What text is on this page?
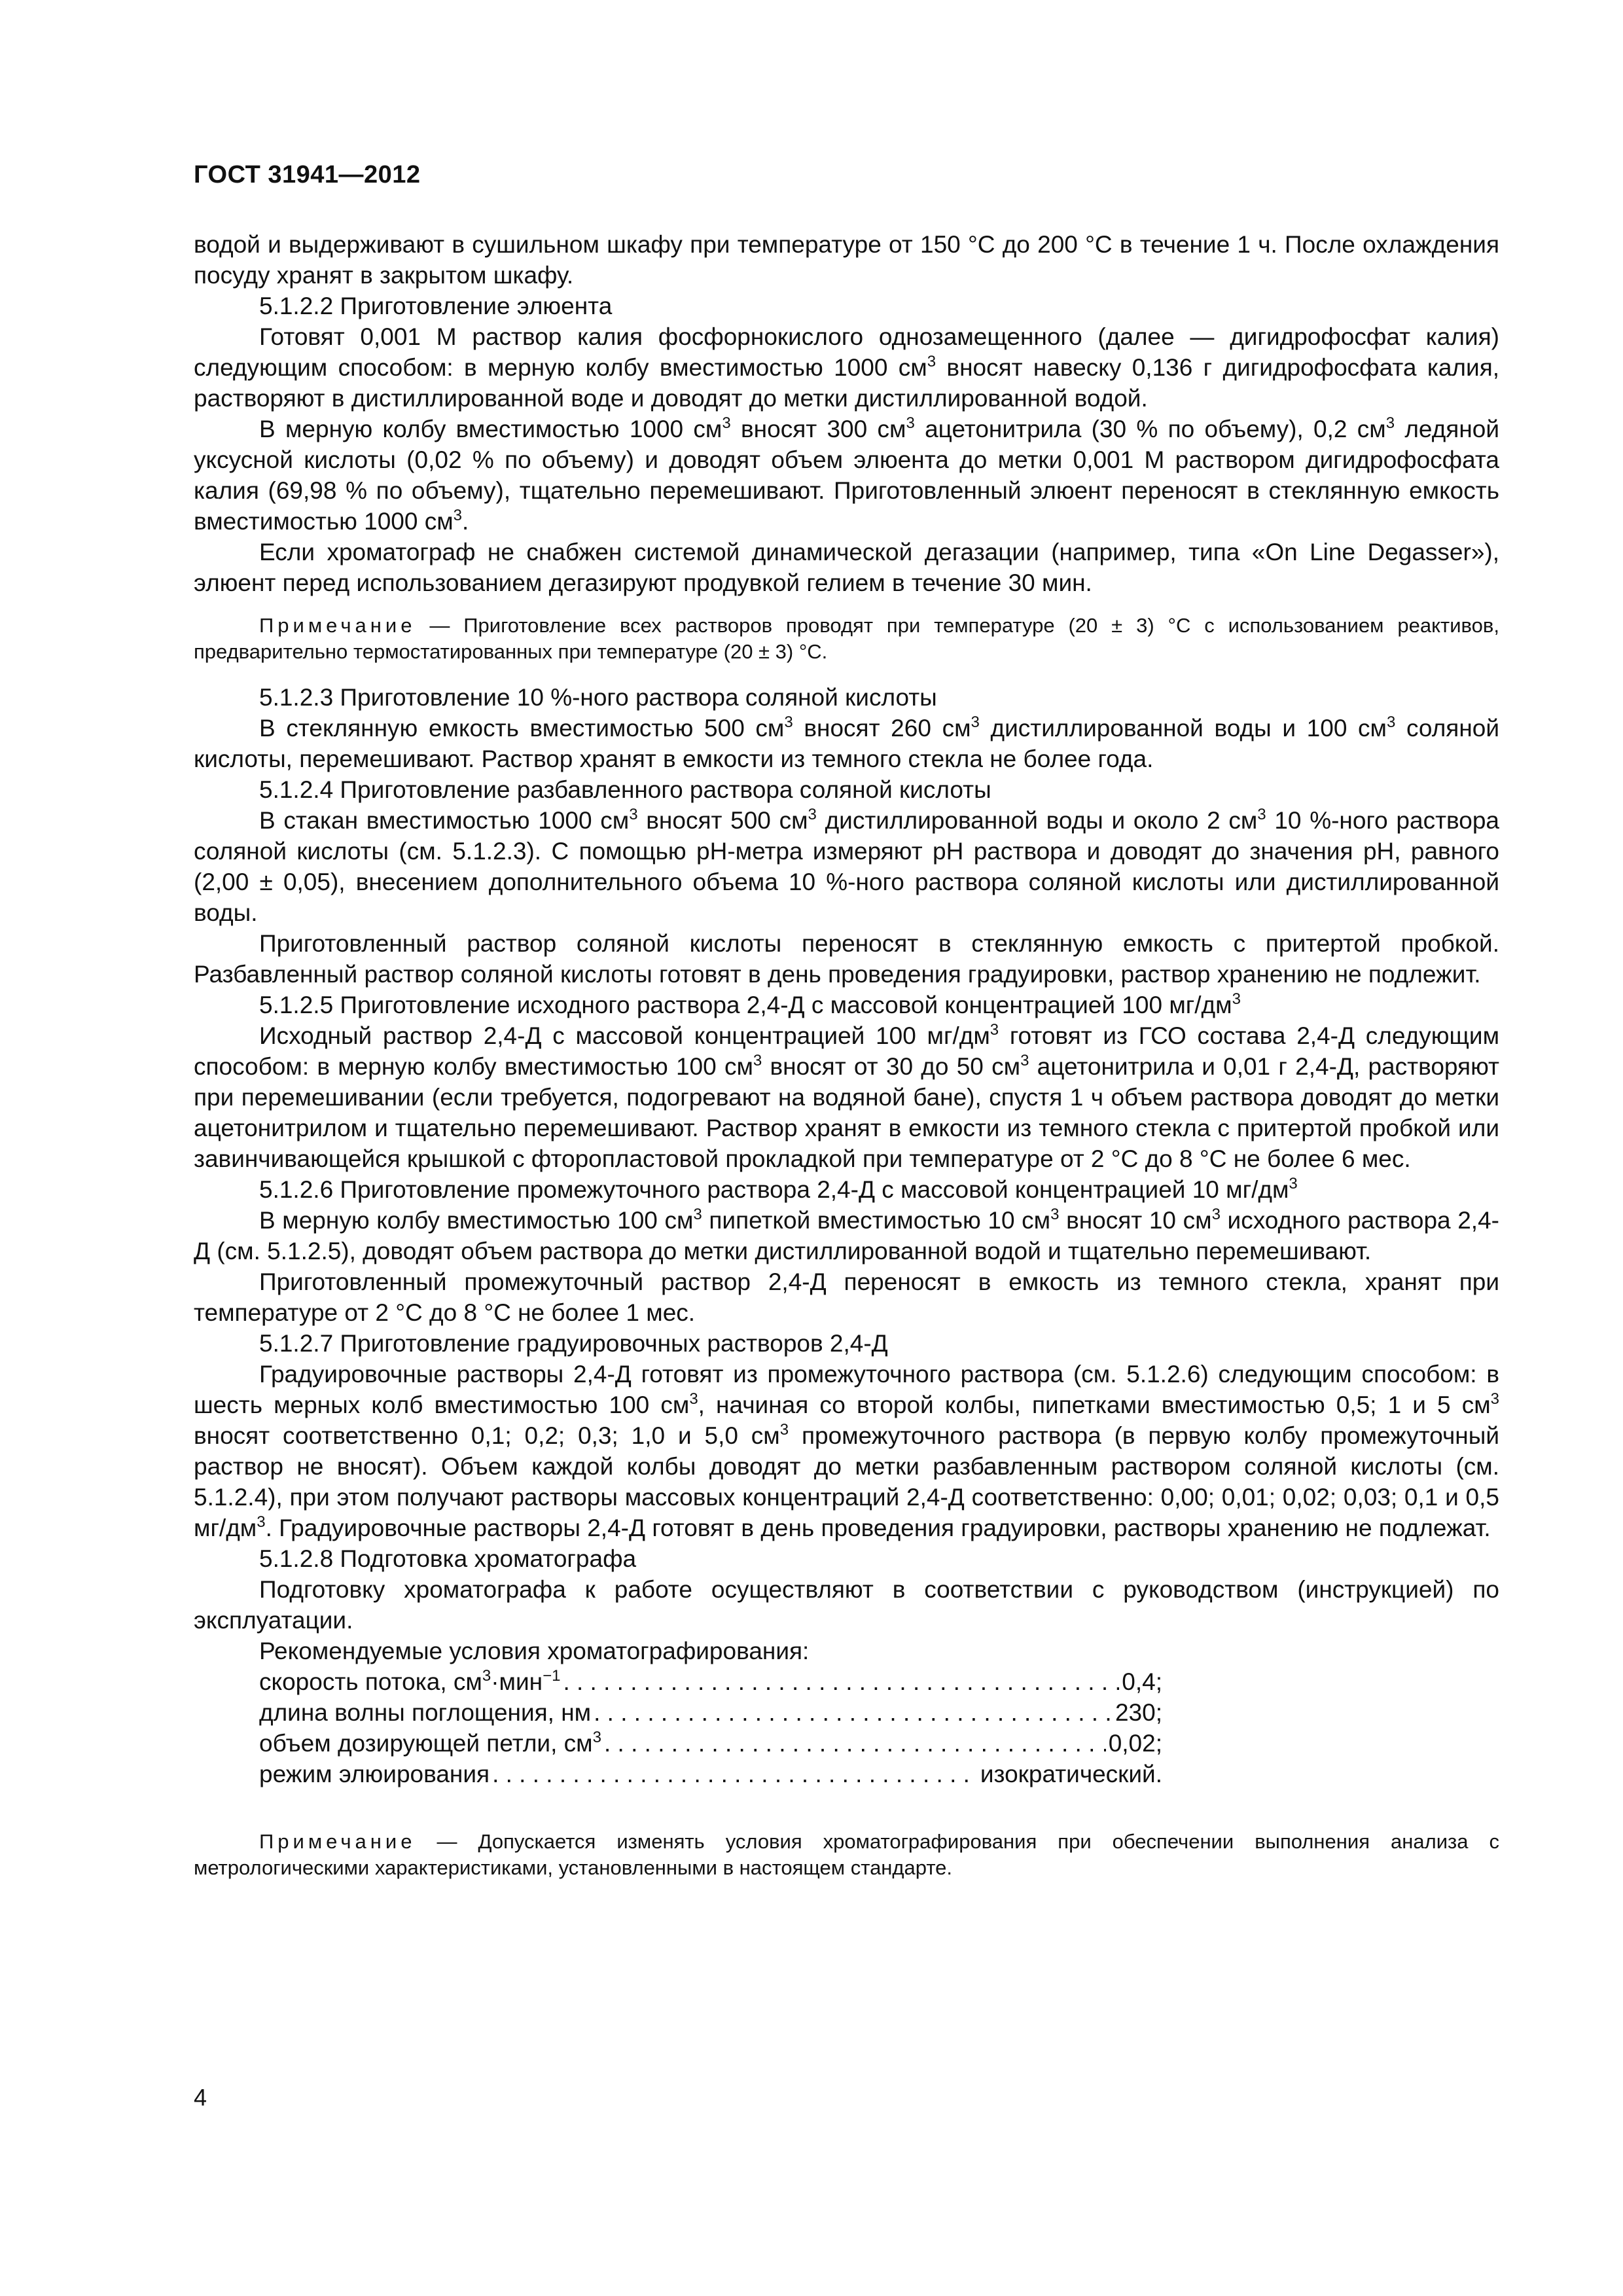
ГОСТ 31941—2012

водой и выдерживают в сушильном шкафу при температуре от 150 °С до 200 °С в течение 1 ч. После охлаждения посуду хранят в закрытом шкафу.

5.1.2.2 Приготовление элюента

Готовят 0,001 М раствор калия фосфорнокислого однозамещенного (далее — дигидрофосфат калия) следующим способом: в мерную колбу вместимостью 1000 $см^3$ вносят навеску 0,136 г дигидрофосфата калия, растворяют в дистиллированной воде и доводят до метки дистиллированной водой.

В мерную колбу вместимостью 1000 $см^3$ вносят 300 $см^3$ ацетонитрила (30 % по объему), 0,2 $см^3$ ледяной уксусной кислоты (0,02 % по объему) и доводят объем элюента до метки 0,001 М раствором дигидрофосфата калия (69,98 % по объему), тщательно перемешивают. Приготовленный элюент переносят в стеклянную емкость вместимостью 1000 $см^3$.

Если хроматограф не снабжен системой динамической дегазации (например, типа «On Line Degasser»), элюент перед использованием дегазируют продувкой гелием в течение 30 мин.

Примечание — Приготовление всех растворов проводят при температуре (20 ± 3) °С с использованием реактивов, предварительно термостатированных при температуре (20 ± 3) °С.

5.1.2.3 Приготовление 10 %-ного раствора соляной кислоты

В стеклянную емкость вместимостью 500 $см^3$ вносят 260 $см^3$ дистиллированной воды и 100 $см^3$ соляной кислоты, перемешивают. Раствор хранят в емкости из темного стекла не более года.

5.1.2.4 Приготовление разбавленного раствора соляной кислоты

В стакан вместимостью 1000 $см^3$ вносят 500 $см^3$ дистиллированной воды и около 2 $см^3$ 10 %-ного раствора соляной кислоты (см. 5.1.2.3). С помощью рН-метра измеряют рН раствора и доводят до значения рН, равного (2,00 ± 0,05), внесением дополнительного объема 10 %-ного раствора соляной кислоты или дистиллированной воды.

Приготовленный раствор соляной кислоты переносят в стеклянную емкость с притертой пробкой. Разбавленный раствор соляной кислоты готовят в день проведения градуировки, раствор хранению не подлежит.

5.1.2.5 Приготовление исходного раствора 2,4-Д с массовой концентрацией 100 $мг/дм^3$

Исходный раствор 2,4-Д с массовой концентрацией 100 $мг/дм^3$ готовят из ГСО состава 2,4-Д следующим способом: в мерную колбу вместимостью 100 $см^3$ вносят от 30 до 50 $см^3$ ацетонитрила и 0,01 г 2,4-Д, растворяют при перемешивании (если требуется, подогревают на водяной бане), спустя 1 ч объем раствора доводят до метки ацетонитрилом и тщательно перемешивают. Раствор хранят в емкости из темного стекла с притертой пробкой или завинчивающейся крышкой с фторопластовой прокладкой при температуре от 2 °С до 8 °С не более 6 мес.

5.1.2.6 Приготовление промежуточного раствора 2,4-Д с массовой концентрацией 10 $мг/дм^3$

В мерную колбу вместимостью 100 $см^3$ пипеткой вместимостью 10 $см^3$ вносят 10 $см^3$ исходного раствора 2,4-Д (см. 5.1.2.5), доводят объем раствора до метки дистиллированной водой и тщательно перемешивают.

Приготовленный промежуточный раствор 2,4-Д переносят в емкость из темного стекла, хранят при температуре от 2 °С до 8 °С не более 1 мес.

5.1.2.7 Приготовление градуировочных растворов 2,4-Д

Градуировочные растворы 2,4-Д готовят из промежуточного раствора (см. 5.1.2.6) следующим способом: в шесть мерных колб вместимостью 100 $см^3$, начиная со второй колбы, пипетками вместимостью 0,5; 1 и 5 $см^3$ вносят соответственно 0,1; 0,2; 0,3; 1,0 и 5,0 $см^3$ промежуточного раствора (в первую колбу промежуточный раствор не вносят). Объем каждой колбы доводят до метки разбавленным раствором соляной кислоты (см. 5.1.2.4), при этом получают растворы массовых концентраций 2,4-Д соответственно: 0,00; 0,01; 0,02; 0,03; 0,1 и 0,5 $мг/дм^3$. Градуировочные растворы 2,4-Д готовят в день проведения градуировки, растворы хранению не подлежат.

5.1.2.8 Подготовка хроматографа

Подготовку хроматографа к работе осуществляют в соответствии с руководством (инструкцией) по эксплуатации.

Рекомендуемые условия хроматографирования:
скорость потока, $см^3\cdot мин^{-1}$ . . .	0,4;
длина волны поглощения, нм . . .	230;
объем дозирующей петли, $см^3$ . . .	0,02;
режим элюирования . . .	изократический.

Примечание — Допускается изменять условия хроматографирования при обеспечении выполнения анализа с метрологическими характеристиками, установленными в настоящем стандарте.

4
